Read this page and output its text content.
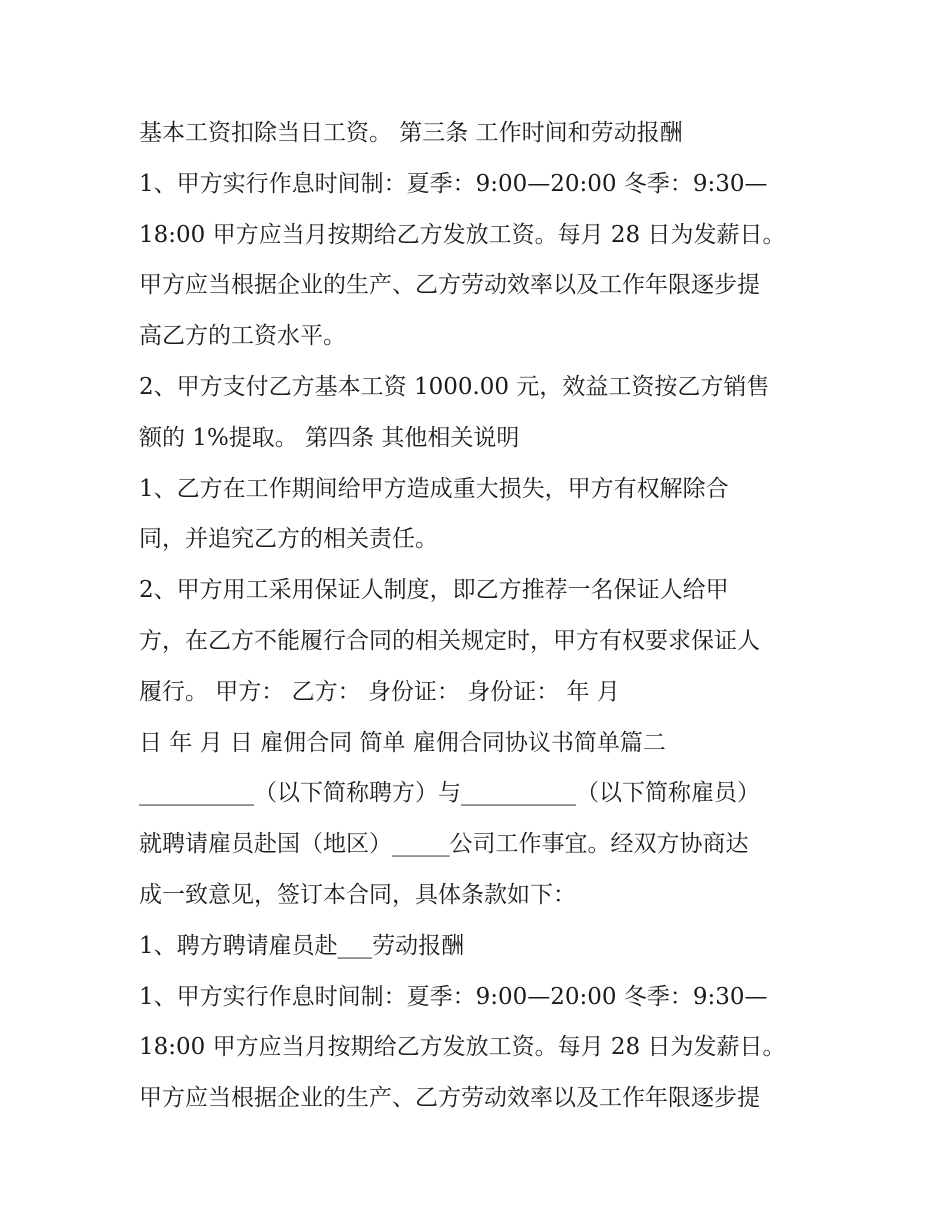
基本工资扣除当日工资。 第三条 工作时间和劳动报酬
1、甲方实行作息时间制：夏季：9:00—20:00 冬季：9:30—
18:00 甲方应当月按期给乙方发放工资。每月 28 日为发薪日。
甲方应当根据企业的生产、乙方劳动效率以及工作年限逐步提
高乙方的工资水平。
2、甲方支付乙方基本工资 1000.00 元，效益工资按乙方销售
额的 1%提取。 第四条 其他相关说明
1、乙方在工作期间给甲方造成重大损失，甲方有权解除合
同，并追究乙方的相关责任。
2、甲方用工采用保证人制度，即乙方推荐一名保证人给甲
方，在乙方不能履行合同的相关规定时，甲方有权要求保证人
履行。 甲方： 乙方： 身份证： 身份证： 年 月
日 年 月 日 雇佣合同 简单 雇佣合同协议书简单篇二
__________（以下简称聘方）与__________（以下简称雇员）
就聘请雇员赴国（地区）_____公司工作事宜。经双方协商达
成一致意见，签订本合同，具体条款如下：
1、聘方聘请雇员赴___劳动报酬
1、甲方实行作息时间制：夏季：9:00—20:00 冬季：9:30—
18:00 甲方应当月按期给乙方发放工资。每月 28 日为发薪日。
甲方应当根据企业的生产、乙方劳动效率以及工作年限逐步提
